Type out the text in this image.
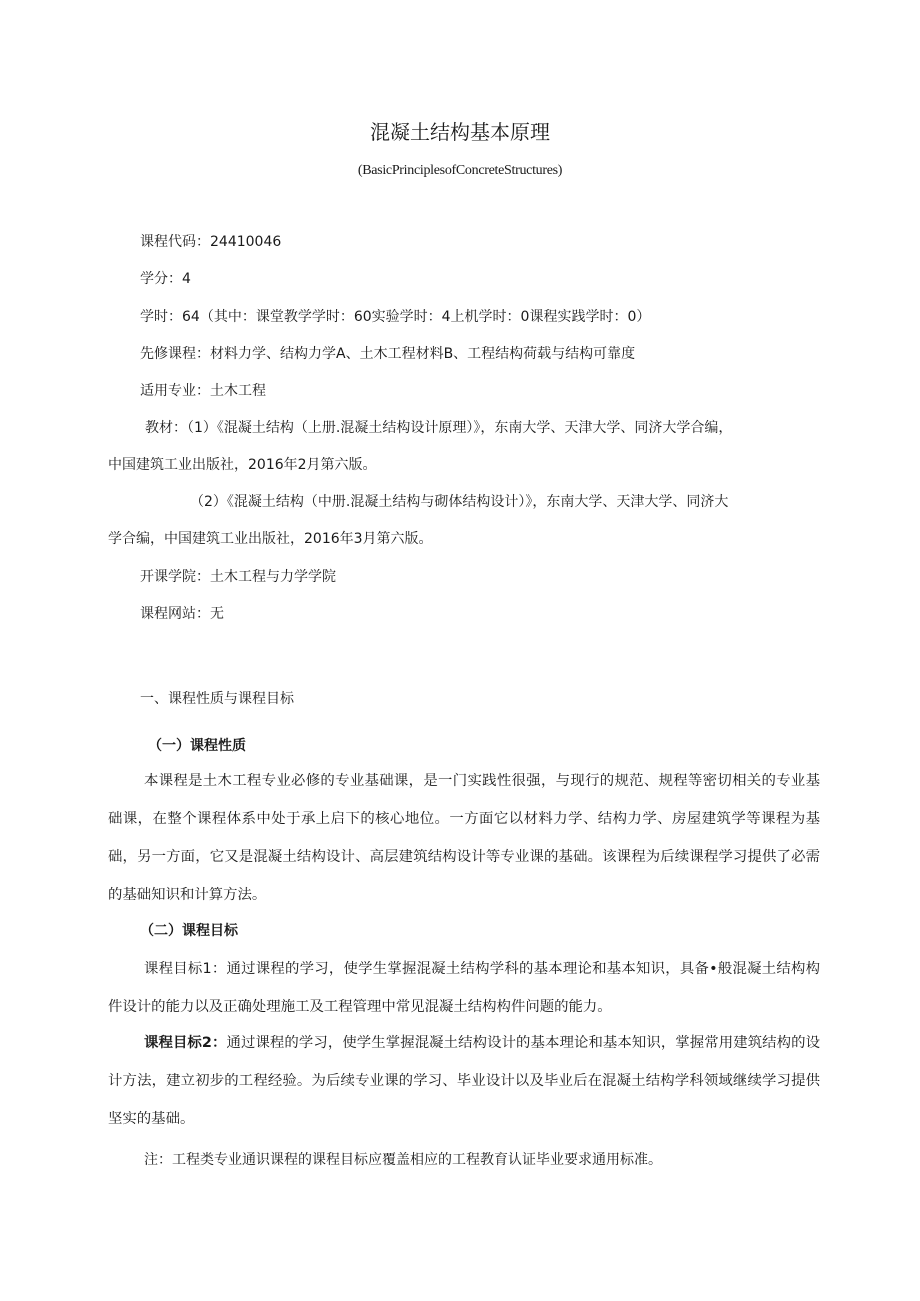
混凝土结构基本原理
(BasicPrinciplesofConcreteStructures)
课程代码：24410046
学分：4
学时：64（其中：课堂教学学时：60实验学时：4上机学时：0课程实践学时：0）
先修课程：材料力学、结构力学A、土木工程材料B、工程结构荷载与结构可靠度
适用专业：土木工程
教材：（1）《混凝土结构（上册.混凝土结构设计原理）》，东南大学、天津大学、同济大学合编，
中国建筑工业出版社，2016年2月第六版。
（2）《混凝土结构（中册.混凝土结构与砌体结构设计）》，东南大学、天津大学、同济大
学合编，中国建筑工业出版社，2016年3月第六版。
开课学院：土木工程与力学学院
课程网站：无
一、课程性质与课程目标
（一）课程性质
本课程是土木工程专业必修的专业基础课，是一门实践性很强，与现行的规范、规程等密切相关的专业基础课，在整个课程体系中处于承上启下的核心地位。一方面它以材料力学、结构力学、房屋建筑学等课程为基础，另一方面，它又是混凝土结构设计、高层建筑结构设计等专业课的基础。该课程为后续课程学习提供了必需的基础知识和计算方法。
（二）课程目标
课程目标1：通过课程的学习，使学生掌握混凝土结构学科的基本理论和基本知识，具备•般混凝土结构构件设计的能力以及正确处理施工及工程管理中常见混凝土结构构件问题的能力。
课程目标2：通过课程的学习，使学生掌握混凝土结构设计的基本理论和基本知识，掌握常用建筑结构的设计方法，建立初步的工程经验。为后续专业课的学习、毕业设计以及毕业后在混凝土结构学科领域继续学习提供坚实的基础。
注：工程类专业通识课程的课程目标应覆盖相应的工程教育认证毕业要求通用标准。
